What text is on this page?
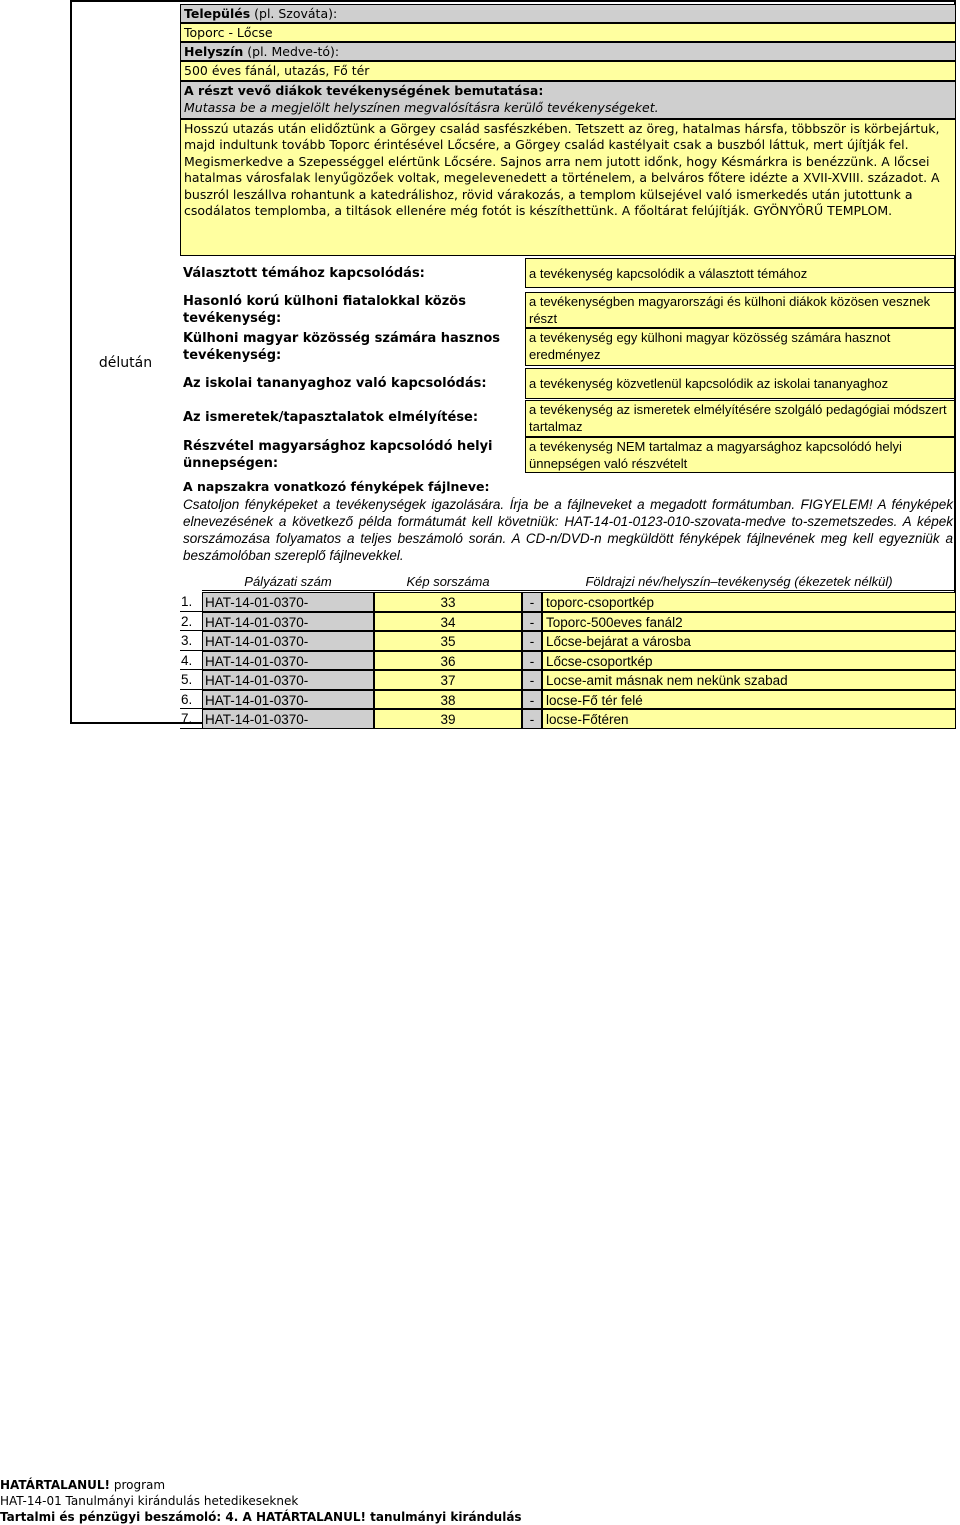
délután
Település (pl. Szováta):
Toporc - Lőcse
Helyszín (pl. Medve-tó):
500 éves fánál, utazás, Fő tér
A részt vevő diákok tevékenységének bemutatása:
Mutassa be a megjelölt helyszínen megvalósításra kerülő tevékenységeket.
Hosszú utazás után elidőztünk a Görgey család sasfészkében. Tetszett az öreg, hatalmas hársfa, többször is körbejártuk, majd indultunk tovább Toporc érintésével Lőcsére, a Görgey család kastélyait csak a buszból láttuk, mert újítják fel. Megismerkedve a Szepességgel elértünk Lőcsére. Sajnos arra nem jutott időnk, hogy Késmárkra is benézzünk. A lőcsei hatalmas városfalak lenyűgözőek voltak, megelevenedett a történelem, a belváros főtere idézte a XVII-XVIII. századot. A buszról leszállva rohantunk a katedrálishoz, rövid várakozás, a templom külsejével való ismerkedés után jutottunk a csodálatos templomba, a tiltások ellenére még fotót is készíthettünk. A főoltárat felújítják. GYÖNYÖRŰ TEMPLOM.
Választott témához kapcsolódás:	a tevékenység kapcsolódik a választott témához
Hasonló korú külhoni fiatalokkal közös tevékenység:
a tevékenységben magyarországi és külhoni diákok közösen vesznek részt
Külhoni magyar közösség számára hasznos tevékenység:
a tevékenység egy külhoni magyar közösség számára hasznot eredményez
Az iskolai tananyaghoz való kapcsolódás:	a tevékenység közvetlenül kapcsolódik az iskolai tananyaghoz
Az ismeretek/tapasztalatok elmélyítése:
a tevékenység az ismeretek elmélyítésére szolgáló pedagógiai módszert tartalmaz
Részvétel magyarsághoz kapcsolódó helyi ünnepségen:
a tevékenység NEM tartalmaz a magyarsághoz kapcsolódó helyi ünnepségen való részvételt
A napszakra vonatkozó fényképek fájlneve:
Csatoljon fényképeket a tevékenységek igazolására. Írja be a fájlneveket a megadott formátumban. FIGYELEM! A fényképek elnevezésének a következő példa formátumát kell követniük: HAT-14-01-0123-010-szovata-medve to-szemetszedes. A képek sorszámozása folyamatos a teljes beszámoló során. A CD-n/DVD-n megküldött fényképek fájlnevének meg kell egyezniük a beszámolóban szereplő fájlnevekkel.
Pályázati szám	Kép sorszáma	Földrajzi név/helyszín–tevékenység (ékezetek nélkül)
1. HAT-14-01-0370-	33	- toporc-csoportkép
2. HAT-14-01-0370-	34	- Toporc-500eves fanál2
3. HAT-14-01-0370-	35	- Lőcse-bejárat a városba
4. HAT-14-01-0370-	36	- Lőcse-csoportkép
5. HAT-14-01-0370-	37	- Locse-amit másnak nem nekünk szabad
6. HAT-14-01-0370-	38	- locse-Fő tér felé
7. HAT-14-01-0370-	39	- locse-Főtéren
HATÁRTALANUL! program
HAT-14-01 Tanulmányi kirándulás hetedikeseknek
Tartalmi és pénzügyi beszámoló: 4. A HATÁRTALANUL! tanulmányi kirándulás
